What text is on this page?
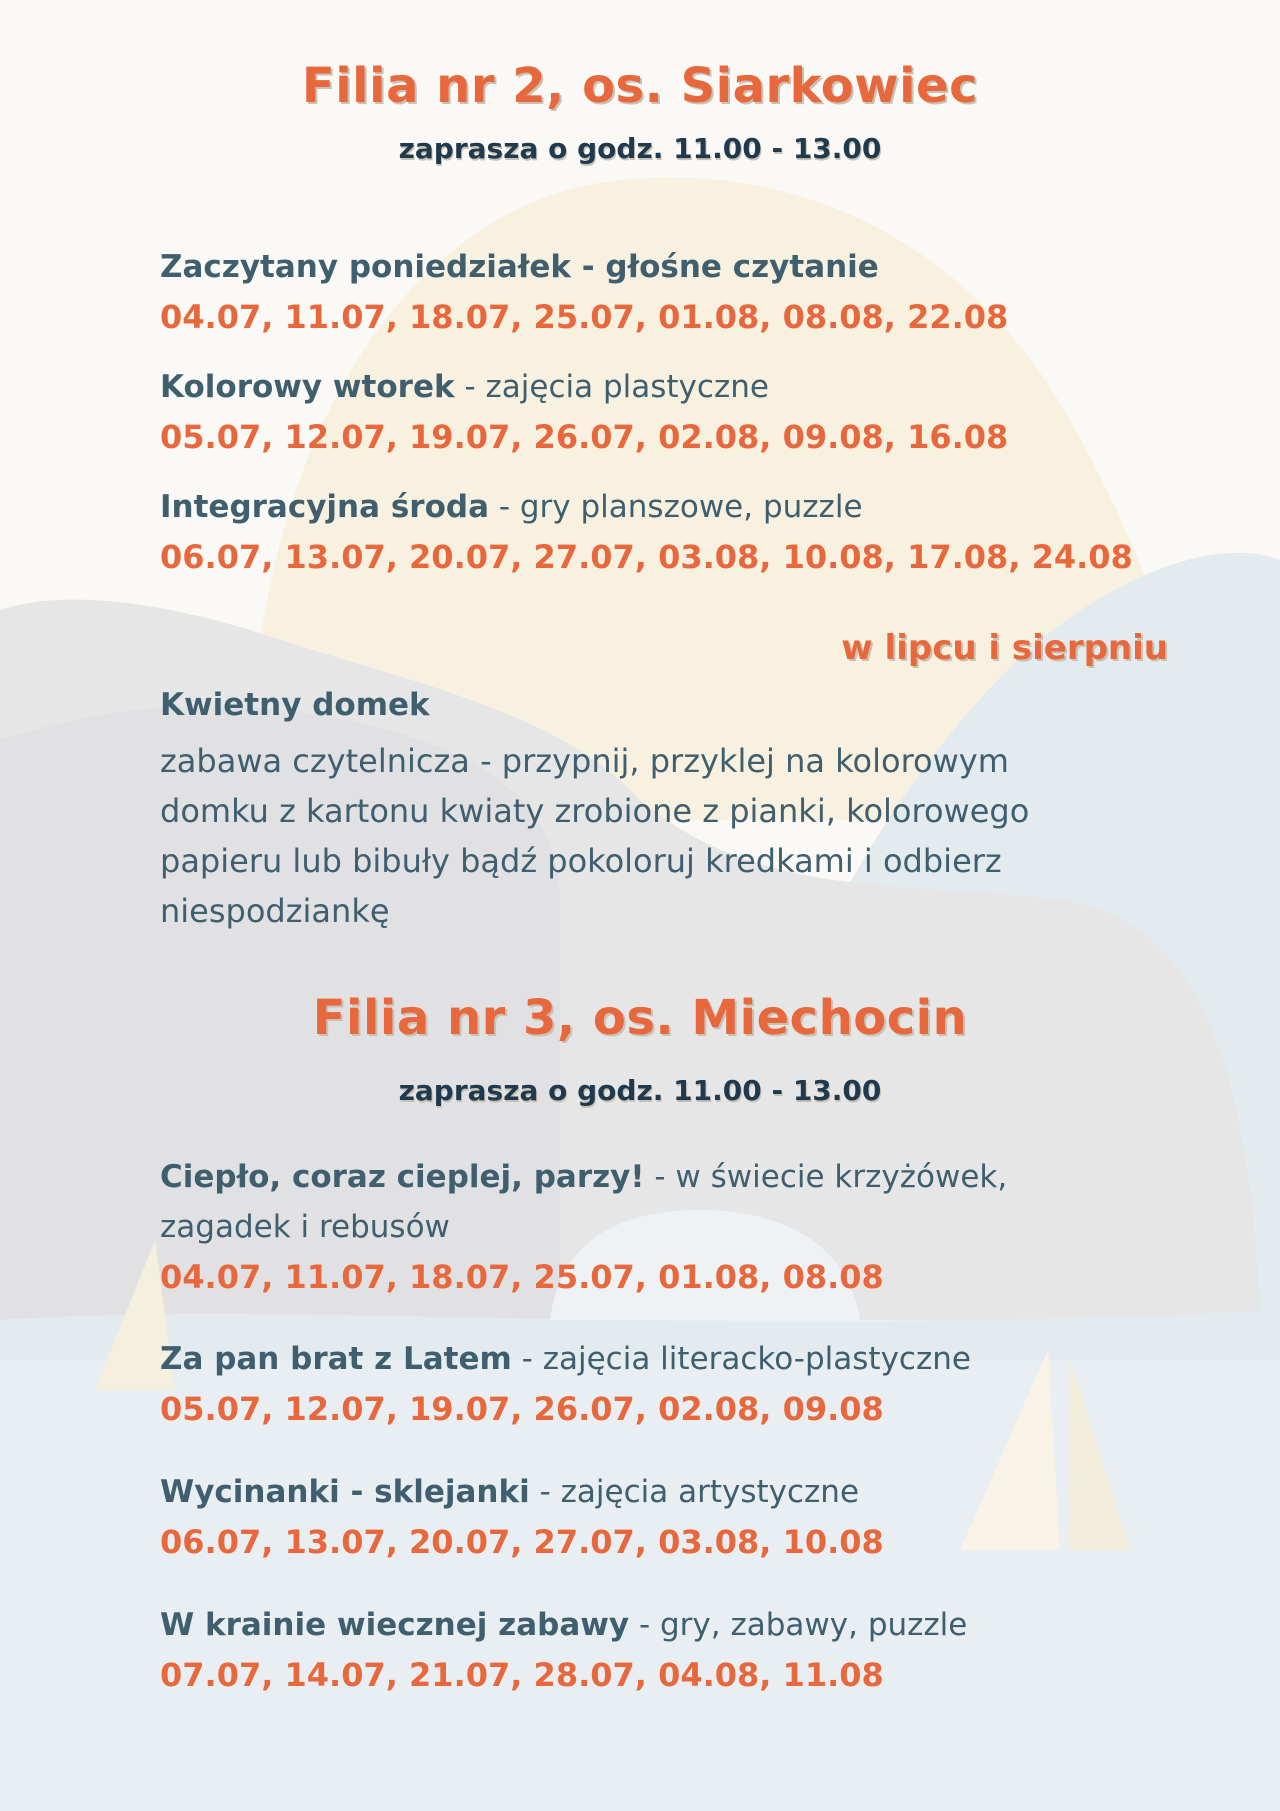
Filia nr 2, os. Siarkowiec
zaprasza o godz. 11.00 - 13.00
Zaczytany poniedziałek - głośne czytanie
04.07, 11.07, 18.07, 25.07, 01.08, 08.08, 22.08
Kolorowy wtorek - zajęcia plastyczne
05.07, 12.07, 19.07, 26.07, 02.08, 09.08, 16.08
Integracyjna środa - gry planszowe, puzzle
06.07, 13.07, 20.07, 27.07, 03.08, 10.08, 17.08, 24.08
w lipcu i sierpniu
Kwietny domek
zabawa czytelnicza - przypnij, przyklej na kolorowym
domku z kartonu kwiaty zrobione z pianki, kolorowego
papieru lub bibuły bądź pokoloruj kredkami i odbierz
niespodziankę
Filia nr 3, os. Miechocin
zaprasza o godz. 11.00 - 13.00
Ciepło, coraz cieplej, parzy! - w świecie krzyżówek,
zagadek i rebusów
04.07, 11.07, 18.07, 25.07, 01.08, 08.08
Za pan brat z Latem - zajęcia literacko-plastyczne
05.07, 12.07, 19.07, 26.07, 02.08, 09.08
Wycinanki - sklejanki - zajęcia artystyczne
06.07, 13.07, 20.07, 27.07, 03.08, 10.08
W krainie wiecznej zabawy - gry, zabawy, puzzle
07.07, 14.07, 21.07, 28.07, 04.08, 11.08
